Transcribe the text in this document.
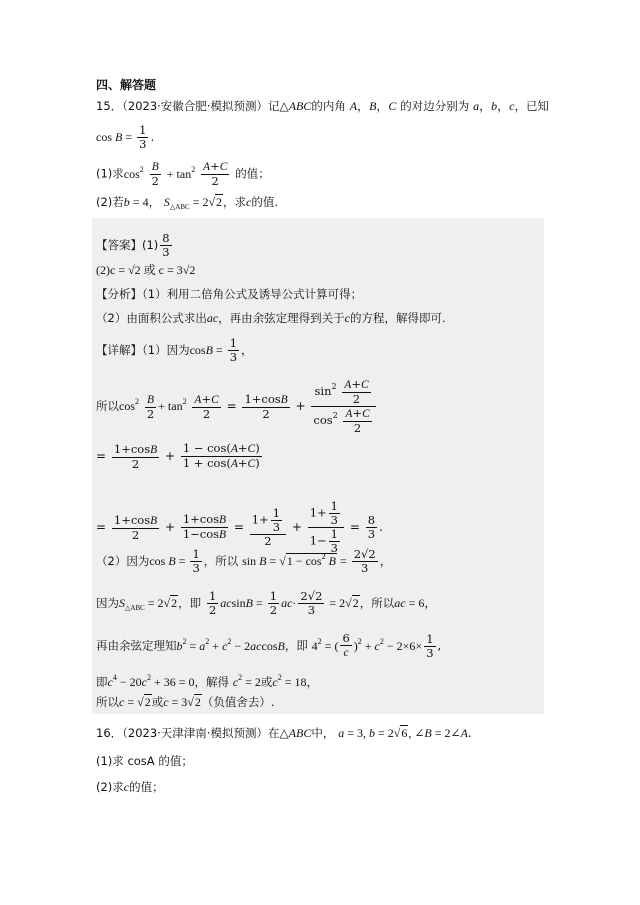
四、解答题
15．（2023·安徽合肥·模拟预测）记△ABC的内角 A，B，C 的对边分别为 a，b，c，已知
$\cos B = \frac{1}{3}$ .
(1)求$\cos^2 \frac{B}{2} + \tan^2 \frac{A+C}{2}$ 的值；
(2)若b = 4， $S_{\triangle ABC} = 2√2$，求c的值.
【答案】$(1) \frac{8}{3}$
(2)c = √2 或 c = 3√2
【分析】（1）利用二倍角公式及诱导公式计算可得；
（2）由面积公式求出ac，再由余弦定理得到关于c的方程，解得即可.
【详解】（1）因为$\cos B = \frac{1}{3}$ ，
所以$\cos^2 \frac{B}{2} + \tan^2 \frac{A+C}{2} = \frac{1+\cos B}{2} + \frac{\sin^2 \frac{A+C}{2}}{\cos^2 \frac{A+C}{2}}$
= $\frac{1+\cos B}{2} + \frac{1 - \cos(A+C)}{1 + \cos(A+C)}$
= $\frac{1+\cos B}{2} + \frac{1+\cos B}{1-\cos B} = \frac{1+ \frac{1}{3}}{2} + \frac{1+ \frac{1}{3}}{1- \frac{1}{3}} = \frac{8}{3}$ .
（2）因为$\cos B = \frac{1}{3}$ ，所以 $\sin B = √1 - \cos^2 B = \frac{2√2}{3}$ ，
因为$S_{\triangle ABC} = 2√2$，即 $\frac{1}{2}$ $acsinB = \frac{1}{2} ac\cdot \frac{2√2}{3} = 2√2$，所以ac = 6，
再由余弦定理知$b^2 = a^2 + c^2 - 2accosB$，即 $4^2$ = ( $\frac{6}{c} )^2 + c^2 - 2\times 6\times \frac{1}{3}$ ,
即$c^4 - 20c^2 + 36 = 0$，解得 $c^2 = 2$或$c^2 = 18$，
所以c = √2或c = 3√2（负值舍去）.
16．（2023·天津津南·模拟预测）在△ABC中， a = 3, b = 2√6, ∠B = 2∠A.
(1)求 cosA 的值；
(2)求c的值；
